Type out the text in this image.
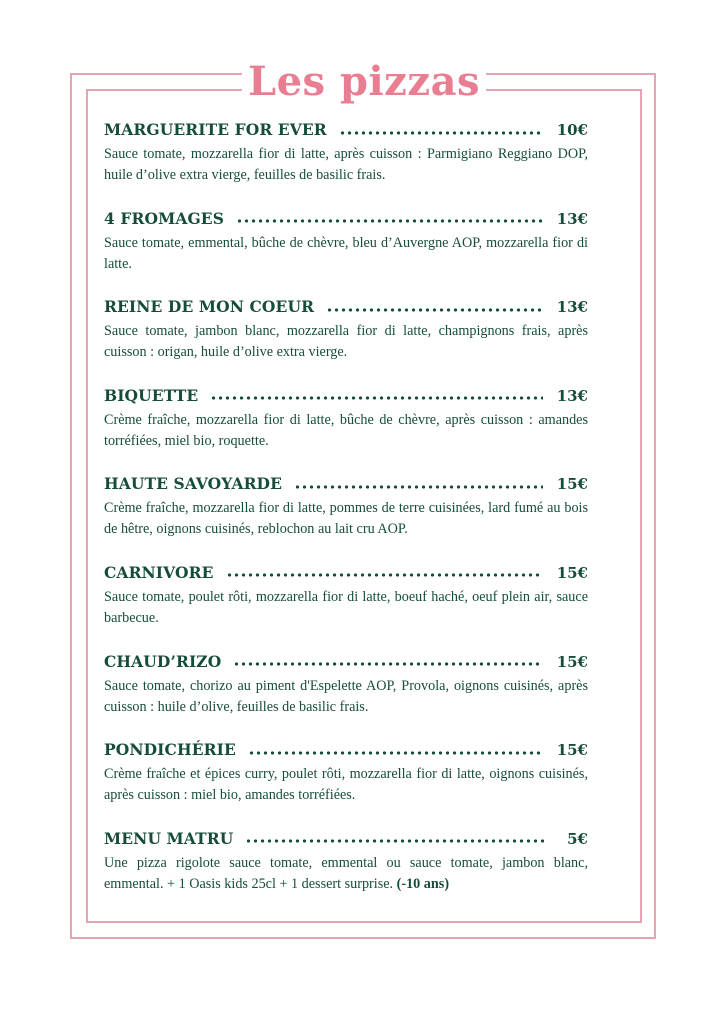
Les pizzas
MARGUERITE FOR EVER	10€
Sauce tomate, mozzarella fior di latte, après cuisson : Parmigiano Reggiano DOP, huile d’olive extra vierge, feuilles de basilic frais.
4 FROMAGES	13€
Sauce tomate, emmental, bûche de chèvre, bleu d’Auvergne AOP, mozzarella fior di latte.
REINE DE MON COEUR	13€
Sauce tomate, jambon blanc, mozzarella fior di latte, champignons frais, après cuisson : origan, huile d’olive extra vierge.
BIQUETTE	13€
Crème fraîche, mozzarella fior di latte, bûche de chèvre, après cuisson : amandes torréfiées, miel bio, roquette.
HAUTE SAVOYARDE	15€
Crème fraîche, mozzarella fior di latte, pommes de terre cuisinées, lard fumé au bois de hêtre, oignons cuisinés, reblochon au lait cru AOP.
CARNIVORE	15€
Sauce tomate, poulet rôti, mozzarella fior di latte, boeuf haché, oeuf plein air, sauce barbecue.
CHAUD’RIZO	15€
Sauce tomate, chorizo au piment d'Espelette AOP, Provola, oignons cuisinés, après cuisson : huile d’olive, feuilles de basilic frais.
PONDICHÉRIE	15€
Crème fraîche et épices curry, poulet rôti, mozzarella fior di latte, oignons cuisinés, après cuisson : miel bio, amandes torréfiées.
MENU MATRU	5€
Une pizza rigolote sauce tomate, emmental ou sauce tomate, jambon blanc, emmental. + 1 Oasis kids 25cl + 1 dessert surprise. (-10 ans)
